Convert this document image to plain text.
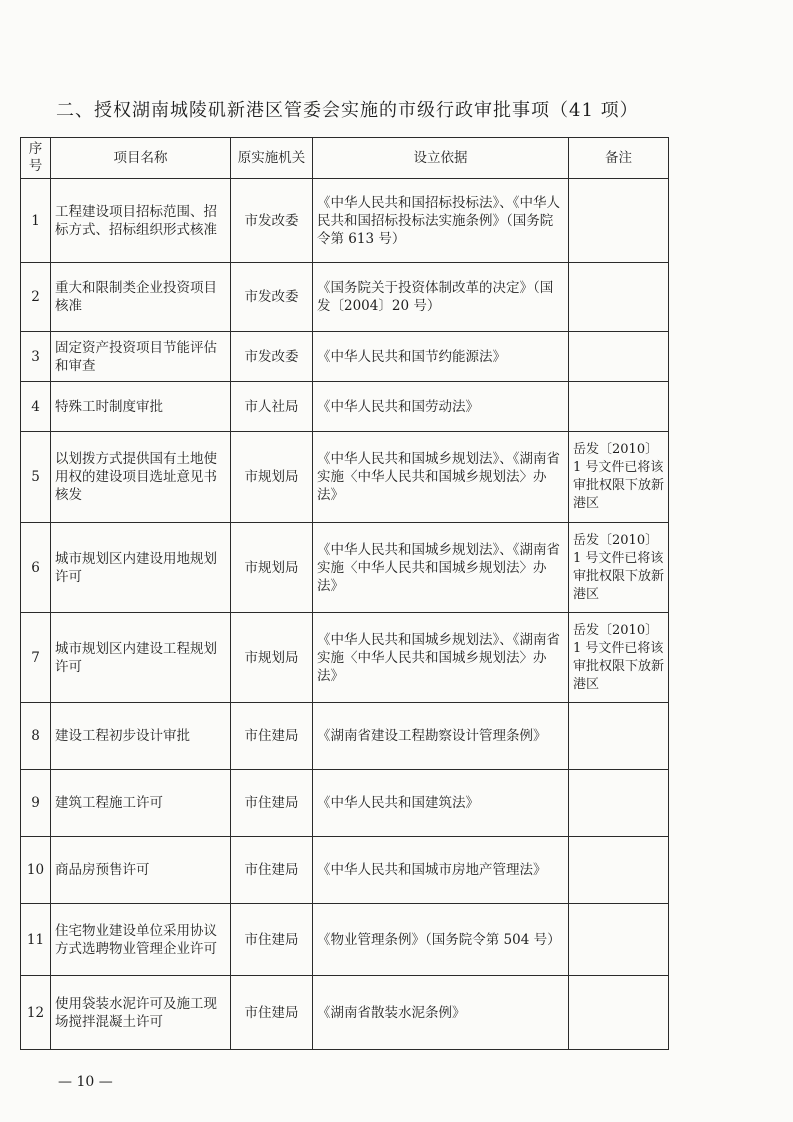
二、授权湖南城陵矶新港区管委会实施的市级行政审批事项（41 项）
序号	项目名称	原实施机关	设立依据	备注
1	工程建设项目招标范围、招标方式、招标组织形式核准	市发改委	《中华人民共和国招标投标法》、《中华人民共和国招标投标法实施条例》（国务院令第 613 号）	
2	重大和限制类企业投资项目核准	市发改委	《国务院关于投资体制改革的决定》（国发〔2004〕20 号）	
3	固定资产投资项目节能评估和审查	市发改委	《中华人民共和国节约能源法》	
4	特殊工时制度审批	市人社局	《中华人民共和国劳动法》	
5	以划拨方式提供国有土地使用权的建设项目选址意见书核发	市规划局	《中华人民共和国城乡规划法》、《湖南省实施〈中华人民共和国城乡规划法〉办法》	岳发〔2010〕1 号文件已将该审批权限下放新港区
6	城市规划区内建设用地规划许可	市规划局	《中华人民共和国城乡规划法》、《湖南省实施〈中华人民共和国城乡规划法〉办法》	岳发〔2010〕1 号文件已将该审批权限下放新港区
7	城市规划区内建设工程规划许可	市规划局	《中华人民共和国城乡规划法》、《湖南省实施〈中华人民共和国城乡规划法〉办法》	岳发〔2010〕1 号文件已将该审批权限下放新港区
8	建设工程初步设计审批	市住建局	《湖南省建设工程勘察设计管理条例》	
9	建筑工程施工许可	市住建局	《中华人民共和国建筑法》	
10	商品房预售许可	市住建局	《中华人民共和国城市房地产管理法》	
11	住宅物业建设单位采用协议方式选聘物业管理企业许可	市住建局	《物业管理条例》（国务院令第 504 号）	
12	使用袋装水泥许可及施工现场搅拌混凝土许可	市住建局	《湖南省散装水泥条例》	
— 10 —
